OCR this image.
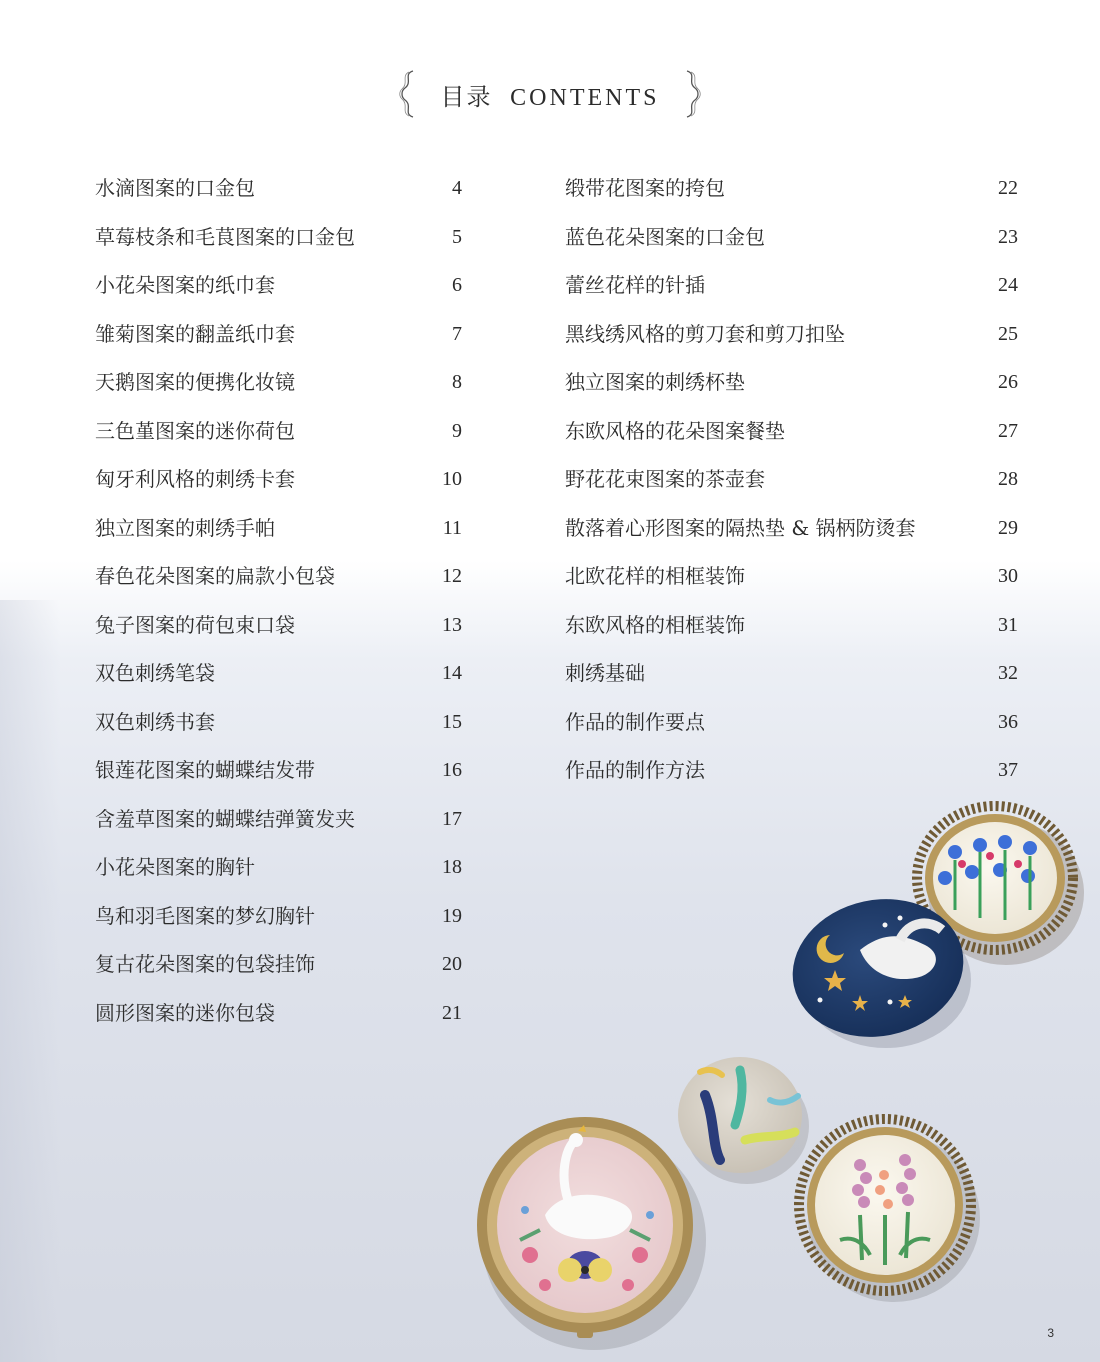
目录 CONTENTS
水滴图案的口金包	4
草莓枝条和毛茛图案的口金包	5
小花朵图案的纸巾套	6
雏菊图案的翻盖纸巾套	7
天鹅图案的便携化妆镜	8
三色堇图案的迷你荷包	9
匈牙利风格的刺绣卡套	10
独立图案的刺绣手帕	11
春色花朵图案的扁款小包袋	12
兔子图案的荷包束口袋	13
双色刺绣笔袋	14
双色刺绣书套	15
银莲花图案的蝴蝶结发带	16
含羞草图案的蝴蝶结弹簧发夹	17
小花朵图案的胸针	18
鸟和羽毛图案的梦幻胸针	19
复古花朵图案的包袋挂饰	20
圆形图案的迷你包袋	21
缎带花图案的挎包	22
蓝色花朵图案的口金包	23
蕾丝花样的针插	24
黑线绣风格的剪刀套和剪刀扣坠	25
独立图案的刺绣杯垫	26
东欧风格的花朵图案餐垫	27
野花花束图案的茶壶套	28
散落着心形图案的隔热垫 & 锅柄防烫套	29
北欧花样的相框装饰	30
东欧风格的相框装饰	31
刺绣基础	32
作品的制作要点	36
作品的制作方法	37
3
